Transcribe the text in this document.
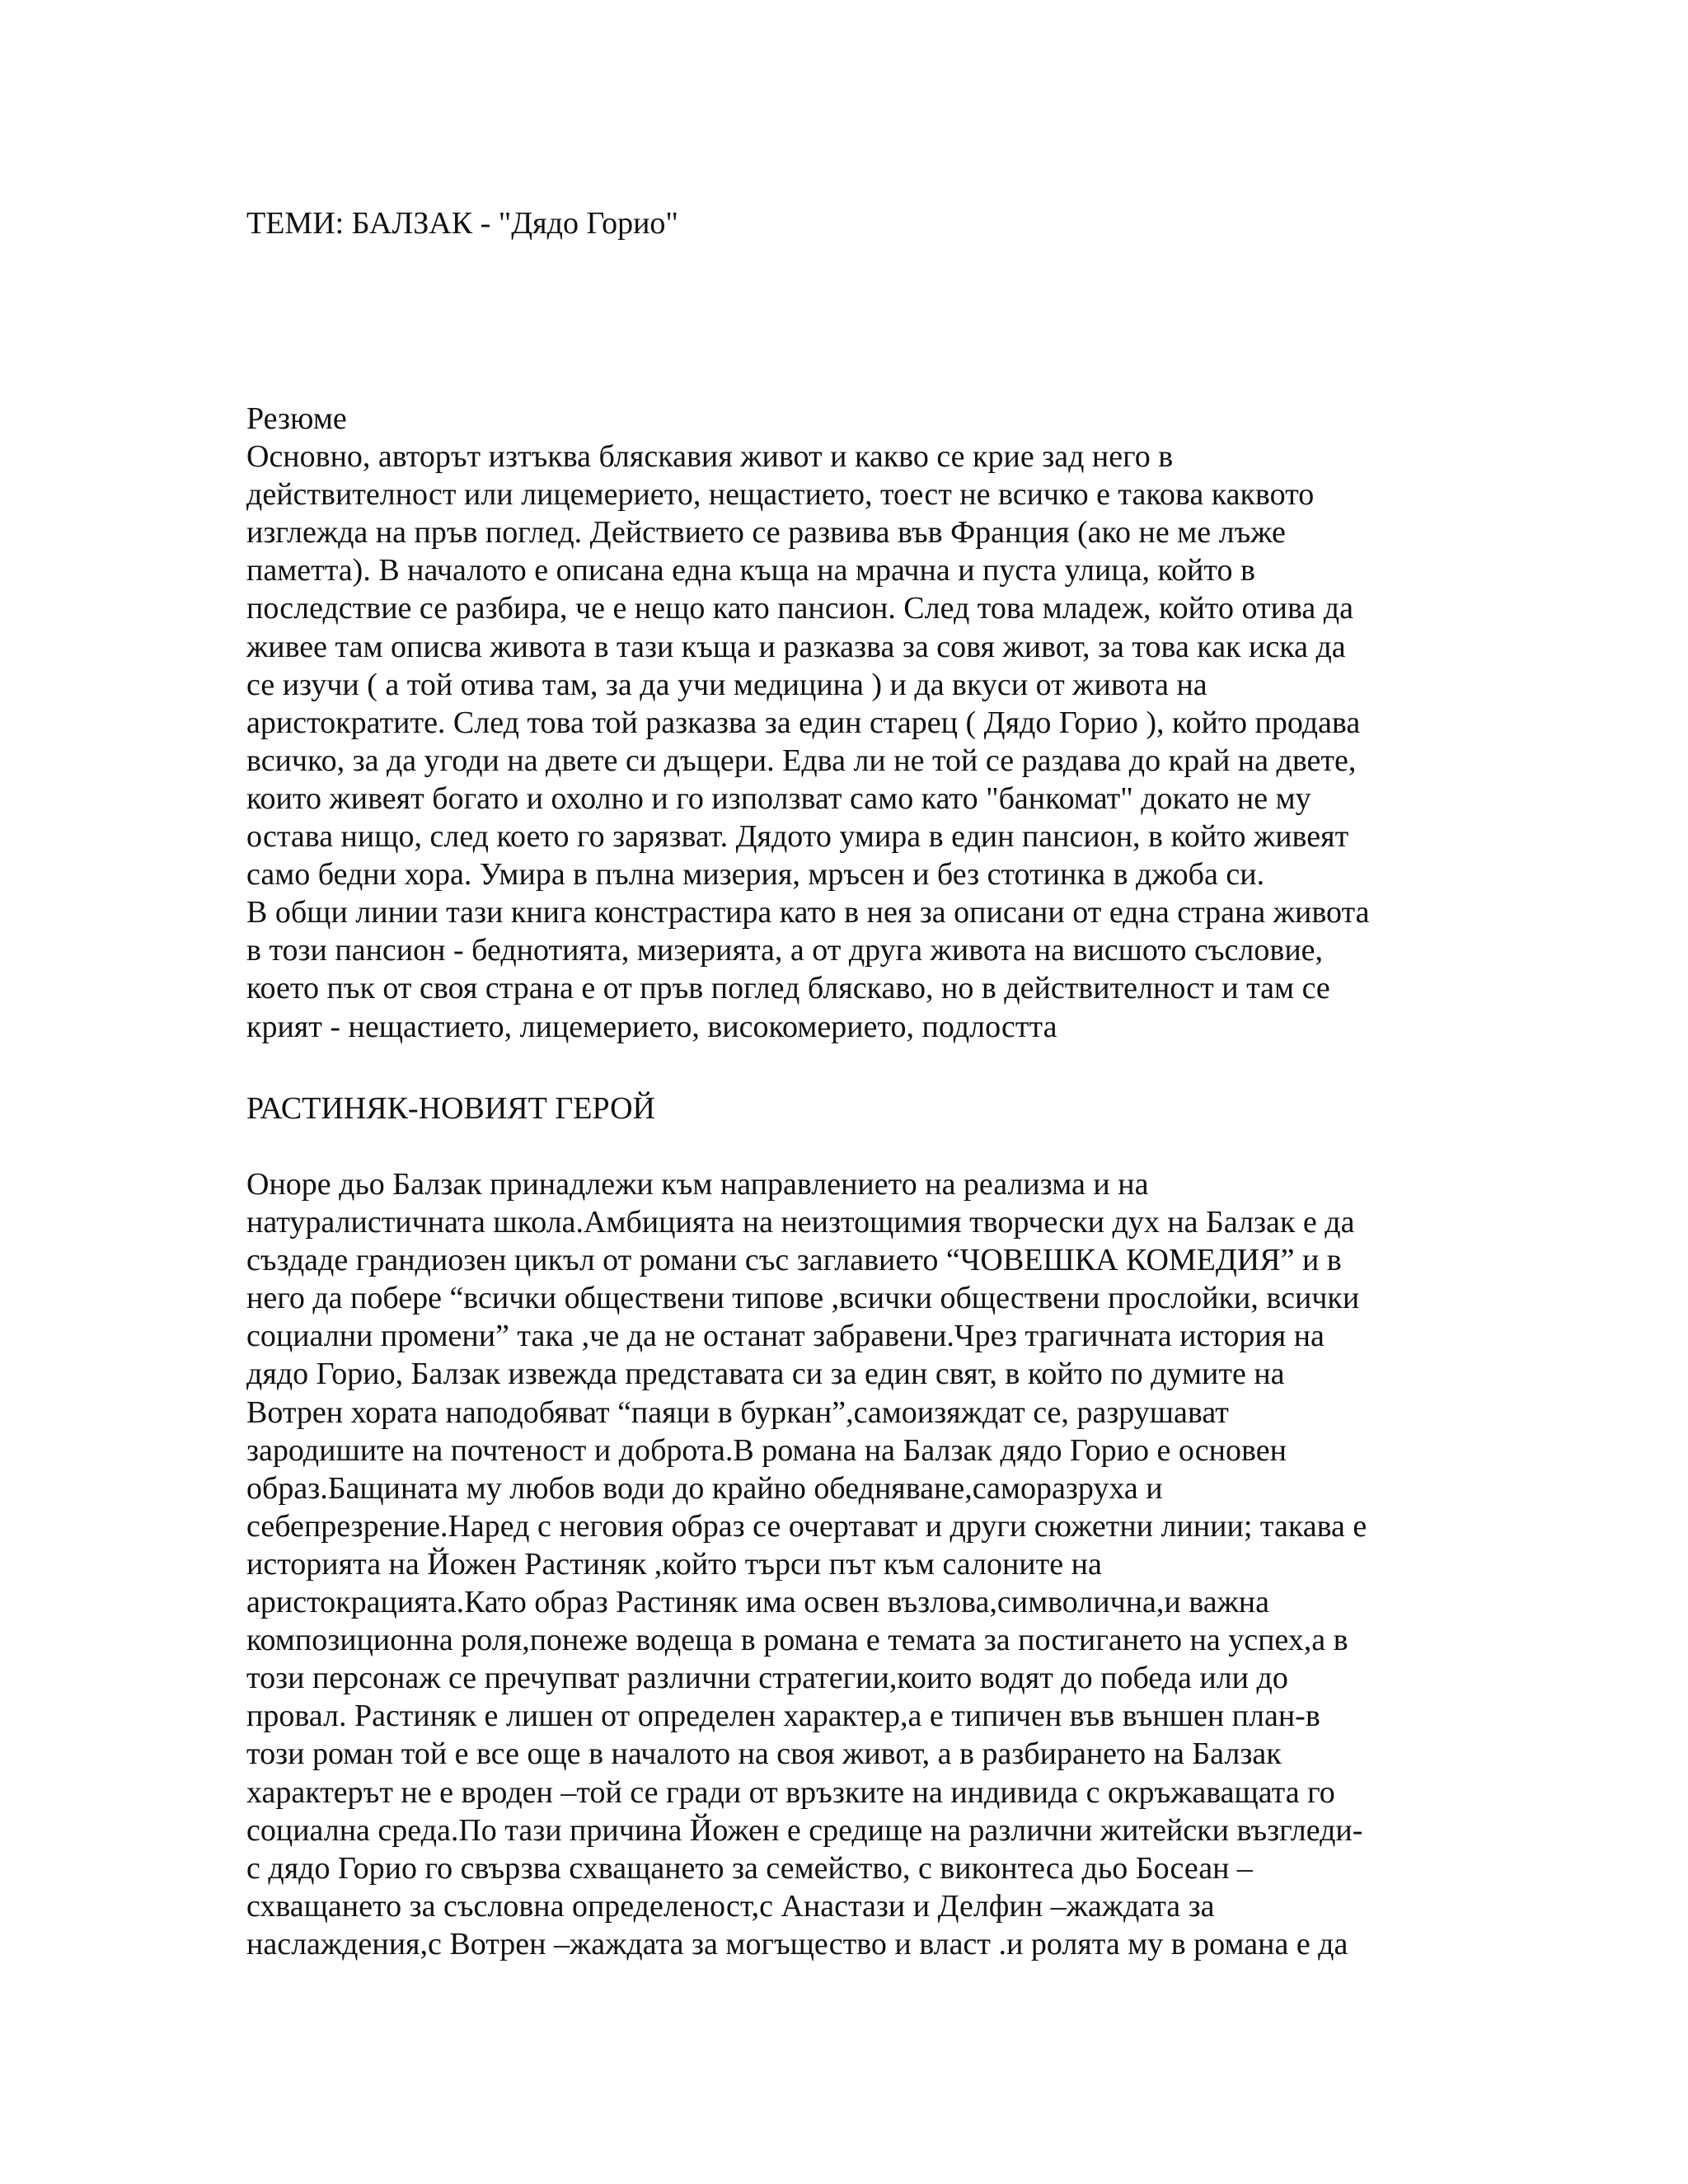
ТЕМИ: БАЛЗАК - "Дядо Горио"
Резюме
Основно, авторът изтъква бляскавия живот и какво се крие зад него в
действителност или лицемерието, нещастието, тоест не всичко е такова каквото
изглежда на пръв поглед. Действието се развива във Франция (ако не ме лъже
паметта). В началото е описана една къща на мрачна и пуста улица, който в
последствие се разбира, че е нещо като пансион. След това младеж, който отива да
живее там описва живота в тази къща и разказва за совя живот, за това как иска да
се изучи ( а той отива там, за да учи медицина ) и да вкуси от живота на
аристократите. След това той разказва за един старец ( Дядо Горио ), който продава
всичко, за да угоди на двете си дъщери. Едва ли не той се раздава до край на двете,
които живеят богато и охолно и го използват само като "банкомат" докато не му
остава нищо, след което го зарязват. Дядото умира в един пансион, в който живеят
само бедни хора. Умира в пълна мизерия, мръсен и без стотинка в джоба си.
В общи линии тази книга констрастира като в нея за описани от една страна живота
в този пансион - беднотията, мизерията, а от друга живота на висшото съсловие,
което пък от своя страна е от пръв поглед бляскаво, но в действителност и там се
крият - нещастието, лицемерието, високомерието, подлостта
РАСТИНЯК-НОВИЯТ ГЕРОЙ
Оноре дьо Балзак принадлежи към направлението на реализма и на
натуралистичната школа.Амбицията на неизтощимия творчески дух на Балзак е да
създаде грандиозен цикъл от романи със заглавието “ЧОВЕШКА КОМЕДИЯ” и в
него да побере “всички обществени типове ,всички обществени прослойки, всички
социални промени” така ,че да не останат забравени.Чрез трагичната история на
дядо Горио, Балзак извежда представата си за един свят, в който по думите на
Вотрен хората наподобяват “паяци в буркан”,самоизяждат се, разрушават
зародишите на почтеност и доброта.В романа на Балзак дядо Горио е основен
образ.Бащината му любов води до крайно обедняване,саморазруха и
себепрезрение.Наред с неговия образ се очертават и други сюжетни линии; такава е
историята на Йожен Растиняк ,който търси път към салоните на
аристокрацията.Като образ Растиняк има освен възлова,символична,и важна
композиционна роля,понеже водеща в романа е темата за постигането на успех,а в
този персонаж се пречупват различни стратегии,които водят до победа или до
провал. Растиняк е лишен от определен характер,а е типичен във външен план-в
този роман той е все още в началото на своя живот, а в разбирането на Балзак
характерът не е вроден –той се гради от връзките на индивида с окръжаващата го
социална среда.По тази причина Йожен е средище на различни житейски възгледи-
с дядо Горио го свързва схващането за семейство, с виконтеса дьо Босеан –
схващането за съсловна определеност,с Анастази и Делфин –жаждата за
наслаждения,с Вотрен –жаждата за могъщество и власт .и ролята му в романа е да
